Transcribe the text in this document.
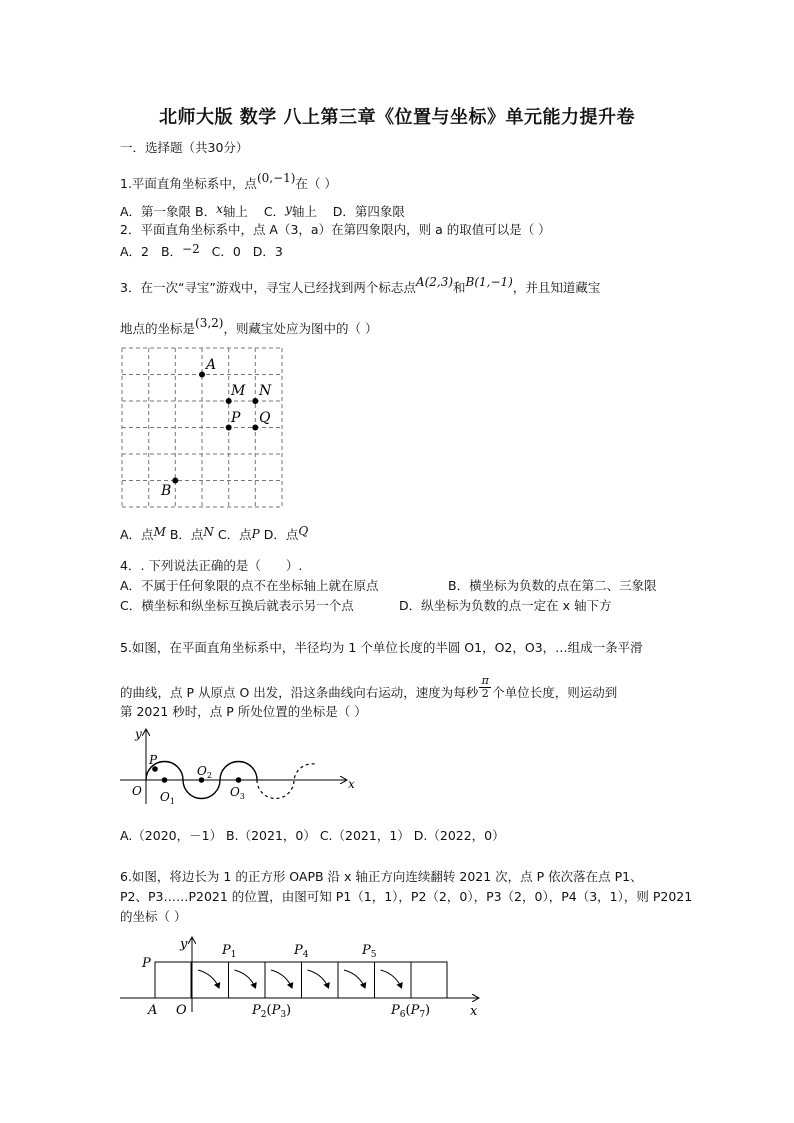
北师大版 数学 八上第三章《位置与坐标》单元能力提升卷
一．选择题（共30分）
1.平面直角坐标系中，点(0,−1)在（ ）
A．第一象限 B．x轴上 C．y轴上 D．第四象限
2．平面直角坐标系中，点 A（3，a）在第四象限内，则 a 的取值可以是（ ）
A．2 B．−2 C．0 D．3
3．在一次“寻宝”游戏中，寻宝人已经找到两个标志点A(2,3)和B(1,−1)，并且知道藏宝
地点的坐标是(3,2)，则藏宝处应为图中的（ ）
A
M N
P Q
B
A．点M B．点N C．点P D．点Q
4．. 下列说法正确的是（　　）.
A．不属于任何象限的点不在坐标轴上就在原点	B．横坐标为负数的点在第二、三象限
C．横坐标和纵坐标互换后就表示另一个点	D．纵坐标为负数的点一定在 x 轴下方
5.如图，在平面直角坐标系中，半径均为 1 个单位长度的半圆 O1，O2，O3，…组成一条平滑
的曲线，点 P 从原点 O 出发，沿这条曲线向右运动，速度为每秒 $\frac{\pi}{2}$ 个单位长度，则运动到
第 2021 秒时，点 P 所处位置的坐标是（ ）
y
x
O
P
$O_1$
$O_2$
$O_3$
A.（2020，－1） B.（2021，0） C.（2021，1） D.（2022，0）
6.如图，将边长为 1 的正方形 OAPB 沿 x 轴正方向连续翻转 2021 次，点 P 依次落在点 P1、
P2、P3……P2021 的位置，由图可知 P1（1，1），P2（2，0），P3（2，0），P4（3，1），则 P2021
的坐标（ ）
y
x
P
A O
$P_1$	$P_4$	$P_5$
$P_2(P_3)$	$P_6(P_7)$
